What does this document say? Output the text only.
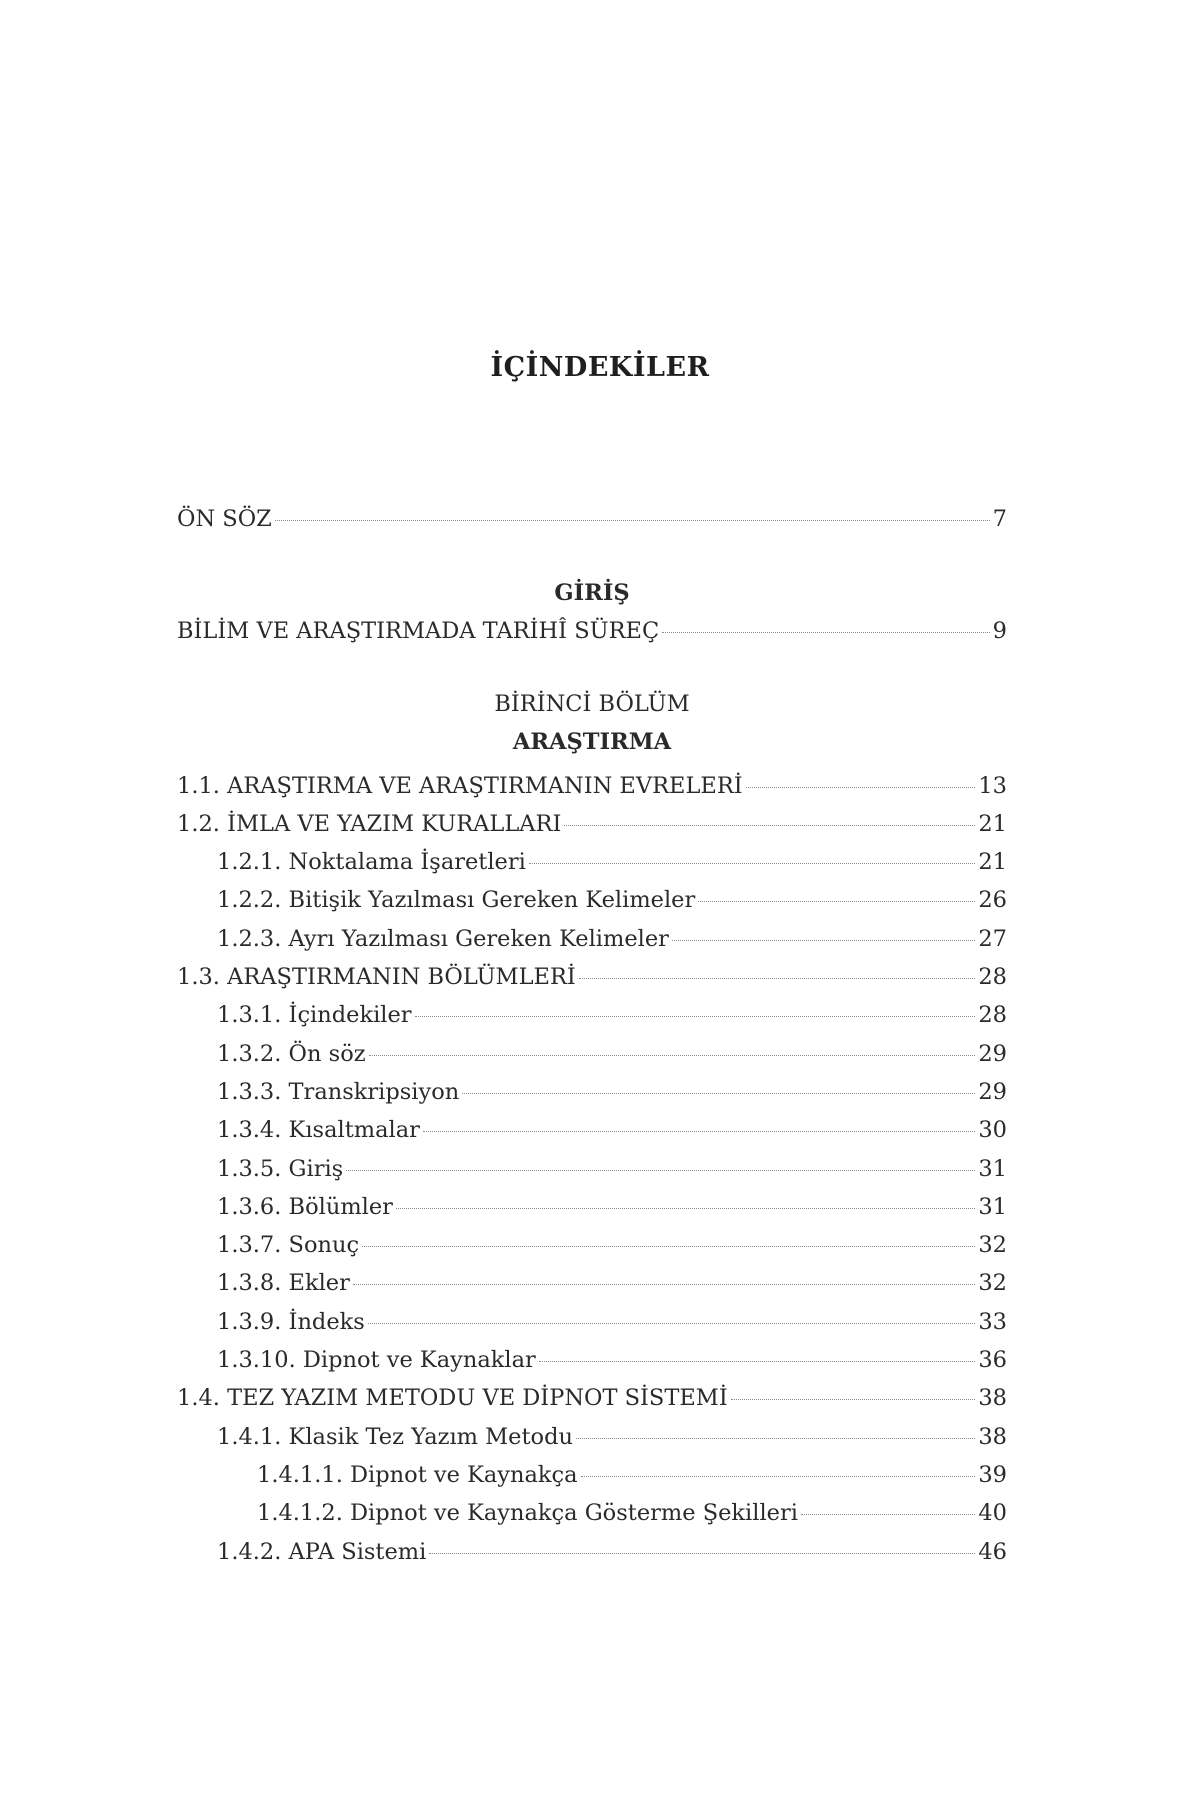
İÇİNDEKİLER
ÖN SÖZ	7
GİRİŞ
BİLİM VE ARAŞTIRMADA TARİHÎ SÜREÇ	9
BİRİNCİ BÖLÜM
ARAŞTIRMA
1.1. ARAŞTIRMA VE ARAŞTIRMANIN EVRELERİ	13
1.2. İMLA VE YAZIM KURALLARI	21
1.2.1. Noktalama İşaretleri	21
1.2.2. Bitişik Yazılması Gereken Kelimeler	26
1.2.3. Ayrı Yazılması Gereken Kelimeler	27
1.3. ARAŞTIRMANIN BÖLÜMLERİ	28
1.3.1. İçindekiler	28
1.3.2. Ön söz	29
1.3.3. Transkripsiyon	29
1.3.4. Kısaltmalar	30
1.3.5. Giriş	31
1.3.6. Bölümler	31
1.3.7. Sonuç	32
1.3.8. Ekler	32
1.3.9. İndeks	33
1.3.10. Dipnot ve Kaynaklar	36
1.4. TEZ YAZIM METODU VE DİPNOT SİSTEMİ	38
1.4.1. Klasik Tez Yazım Metodu	38
1.4.1.1. Dipnot ve Kaynakça	39
1.4.1.2. Dipnot ve Kaynakça Gösterme Şekilleri	40
1.4.2. APA Sistemi	46
